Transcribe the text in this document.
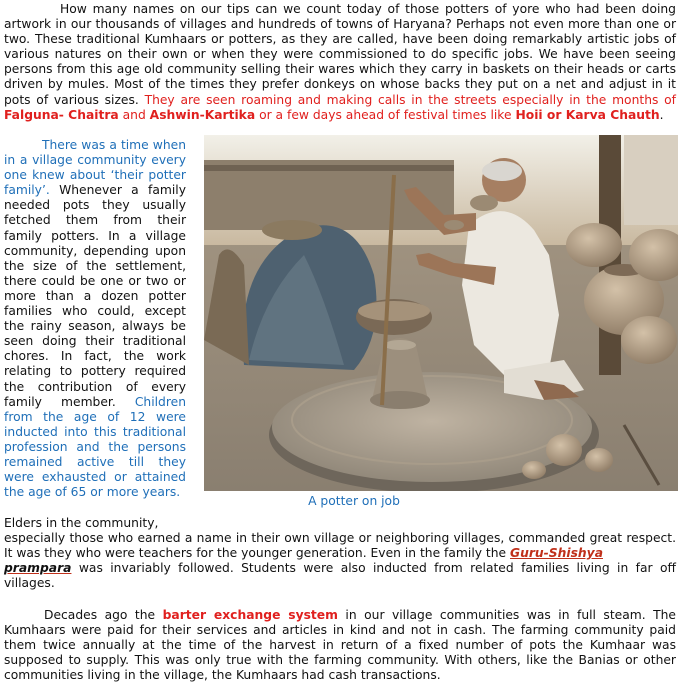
How many names on our tips can we count today of those potters of yore who had been doing artwork in our thousands of villages and hundreds of towns of Haryana? Perhaps not even more than one or two. These traditional Kumhaars or potters, as they are called, have been doing remarkably artistic jobs of various natures on their own or when they were commissioned to do specific jobs. We have been seeing persons from this age old community selling their wares which they carry in baskets on their heads or carts driven by mules. Most of the times they prefer donkeys on whose backs they put on a net and adjust in it pots of various sizes. They are seen roaming and making calls in the streets especially in the months of Falguna- Chaitra and Ashwin-Kartika or a few days ahead of festival times like Hoii or Karva Chauth.

There was a time when in a village community every one knew about ‘their potter family’. Whenever a family needed pots they usually fetched them from their family potters. In a village community, depending upon the size of the settlement, there could be one or two or more than a dozen potter families who could, except the rainy season, always be seen doing their traditional chores. In fact, the work relating to pottery required the contribution of every family member. Children from the age of 12 were inducted into this traditional profession and the persons remained active till they were exhausted or attained the age of 65 or more years.

A potter on job

Elders in the community,

especially those who earned a name in their own village or neighboring villages, commanded great respect. It was they who were teachers for the younger generation. Even in the family the Guru-Shishya
prampara was invariably followed. Students were also inducted from related families living in far off villages.

Decades ago the barter exchange system in our village communities was in full steam. The Kumhaars were paid for their services and articles in kind and not in cash. The farming community paid them twice annually at the time of the harvest in return of a fixed number of pots the Kumhaar was supposed to supply. This was only true with the farming community. With others, like the Banias or other communities living in the village, the Kumhaars had cash transactions.
